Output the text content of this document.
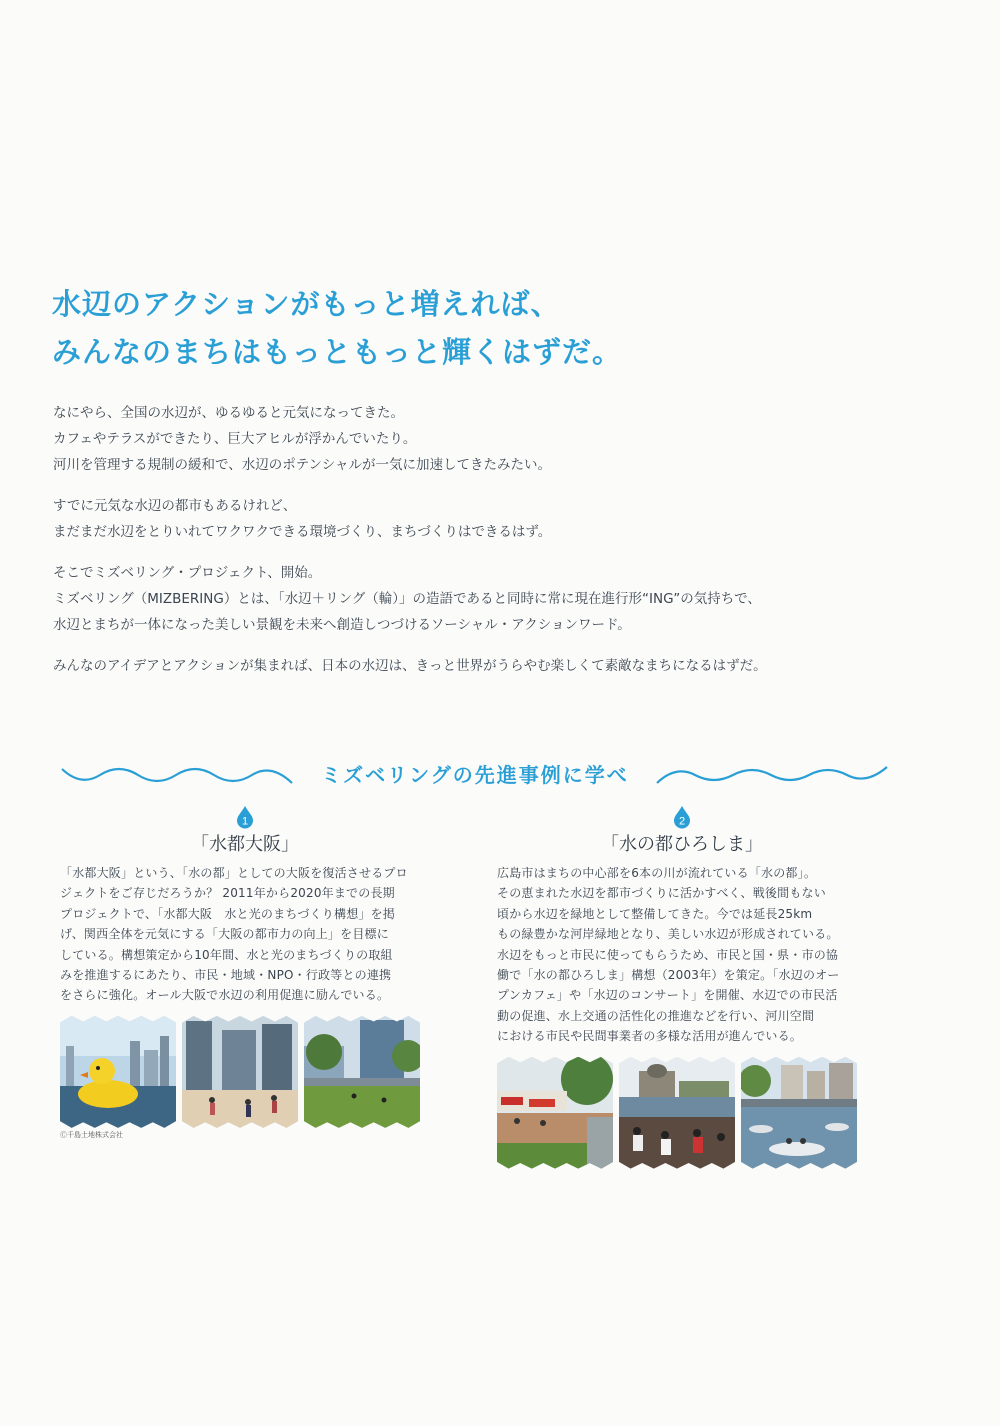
水辺のアクションがもっと増えれば、
みんなのまちはもっともっと輝くはずだ。

なにやら、全国の水辺が、ゆるゆると元気になってきた。
カフェやテラスができたり、巨大アヒルが浮かんでいたり。
河川を管理する規制の緩和で、水辺のポテンシャルが一気に加速してきたみたい。

すでに元気な水辺の都市もあるけれど、
まだまだ水辺をとりいれてワクワクできる環境づくり、まちづくりはできるはず。

そこでミズベリング・プロジェクト、開始。
ミズベリング（MIZBERING）とは、「水辺＋リング（輪）」の造語であると同時に常に現在進行形“ING”の気持ちで、
水辺とまちが一体になった美しい景観を未来へ創造しつづけるソーシャル・アクションワード。

みんなのアイデアとアクションが集まれば、日本の水辺は、きっと世界がうらやむ楽しくて素敵なまちになるはずだ。

ミズベリングの先進事例に学べ
1
「水都大阪」
「水都大阪」という、「水の都」としての大阪を復活させるプロ
ジェクトをご存じだろうか？ 2011年から2020年までの長期
プロジェクトで、「水都大阪　水と光のまちづくり構想」を掲
げ、関西全体を元気にする「大阪の都市力の向上」を目標に
している。構想策定から10年間、水と光のまちづくりの取組
みを推進するにあたり、市民・地域・NPO・行政等との連携
をさらに強化。オール大阪で水辺の利用促進に励んでいる。
Ⓒ千島土地株式会社
2
「水の都ひろしま」
広島市はまちの中心部を6本の川が流れている「水の都」。
その恵まれた水辺を都市づくりに活かすべく、戦後間もない
頃から水辺を緑地として整備してきた。今では延長25km
もの緑豊かな河岸緑地となり、美しい水辺が形成されている。
水辺をもっと市民に使ってもらうため、市民と国・県・市の協
働で「水の都ひろしま」構想（2003年）を策定。「水辺のオー
プンカフェ」や「水辺のコンサート」を開催、水辺での市民活
動の促進、水上交通の活性化の推進などを行い、河川空間
における市民や民間事業者の多様な活用が進んでいる。
